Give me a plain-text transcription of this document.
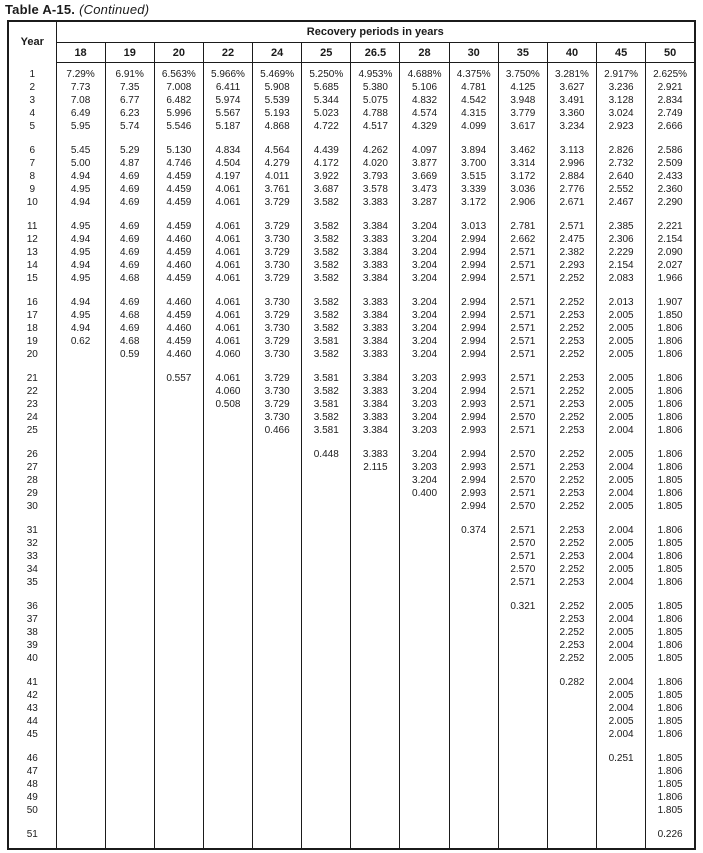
Table A-15. (Continued)
Year	Recovery periods in years												
	18	19	20	22	24	25	26.5	28	30	35	40	45	50

1	7.29%	6.91%	6.563%	5.966%	5.469%	5.250%	4.953%	4.688%	4.375%	3.750%	3.281%	2.917%	2.625%
2	7.73	7.35	7.008	6.411	5.908	5.685	5.380	5.106	4.781	4.125	3.627	3.236	2.921
3	7.08	6.77	6.482	5.974	5.539	5.344	5.075	4.832	4.542	3.948	3.491	3.128	2.834
4	6.49	6.23	5.996	5.567	5.193	5.023	4.788	4.574	4.315	3.779	3.360	3.024	2.749
5	5.95	5.74	5.546	5.187	4.868	4.722	4.517	4.329	4.099	3.617	3.234	2.923	2.666

6	5.45	5.29	5.130	4.834	4.564	4.439	4.262	4.097	3.894	3.462	3.113	2.826	2.586
7	5.00	4.87	4.746	4.504	4.279	4.172	4.020	3.877	3.700	3.314	2.996	2.732	2.509
8	4.94	4.69	4.459	4.197	4.011	3.922	3.793	3.669	3.515	3.172	2.884	2.640	2.433
9	4.95	4.69	4.459	4.061	3.761	3.687	3.578	3.473	3.339	3.036	2.776	2.552	2.360
10	4.94	4.69	4.459	4.061	3.729	3.582	3.383	3.287	3.172	2.906	2.671	2.467	2.290

11	4.95	4.69	4.459	4.061	3.729	3.582	3.384	3.204	3.013	2.781	2.571	2.385	2.221
12	4.94	4.69	4.460	4.061	3.730	3.582	3.383	3.204	2.994	2.662	2.475	2.306	2.154
13	4.95	4.69	4.459	4.061	3.729	3.582	3.384	3.204	2.994	2.571	2.382	2.229	2.090
14	4.94	4.69	4.460	4.061	3.730	3.582	3.383	3.204	2.994	2.571	2.293	2.154	2.027
15	4.95	4.68	4.459	4.061	3.729	3.582	3.384	3.204	2.994	2.571	2.252	2.083	1.966

16	4.94	4.69	4.460	4.061	3.730	3.582	3.383	3.204	2.994	2.571	2.252	2.013	1.907
17	4.95	4.68	4.459	4.061	3.729	3.582	3.384	3.204	2.994	2.571	2.253	2.005	1.850
18	4.94	4.69	4.460	4.061	3.730	3.582	3.383	3.204	2.994	2.571	2.252	2.005	1.806
19	0.62	4.68	4.459	4.061	3.729	3.581	3.384	3.204	2.994	2.571	2.253	2.005	1.806
20		0.59	4.460	4.060	3.730	3.582	3.383	3.204	2.994	2.571	2.252	2.005	1.806

21			0.557	4.061	3.729	3.581	3.384	3.203	2.993	2.571	2.253	2.005	1.806
22				4.060	3.730	3.582	3.383	3.204	2.994	2.571	2.252	2.005	1.806
23				0.508	3.729	3.581	3.384	3.203	2.993	2.571	2.253	2.005	1.806
24					3.730	3.582	3.383	3.204	2.994	2.570	2.252	2.005	1.806
25					0.466	3.581	3.384	3.203	2.993	2.571	2.253	2.004	1.806

26						0.448	3.383	3.204	2.994	2.570	2.252	2.005	1.806
27							2.115	3.203	2.993	2.571	2.253	2.004	1.806
28								3.204	2.994	2.570	2.252	2.005	1.805
29								0.400	2.993	2.571	2.253	2.004	1.806
30									2.994	2.570	2.252	2.005	1.805

31									0.374	2.571	2.253	2.004	1.806
32										2.570	2.252	2.005	1.805
33										2.571	2.253	2.004	1.806
34										2.570	2.252	2.005	1.805
35										2.571	2.253	2.004	1.806

36										0.321	2.252	2.005	1.805
37											2.253	2.004	1.806
38											2.252	2.005	1.805
39											2.253	2.004	1.806
40											2.252	2.005	1.805

41											0.282	2.004	1.806
42												2.005	1.805
43												2.004	1.806
44												2.005	1.805
45												2.004	1.806

46												0.251	1.805
47													1.806
48													1.805
49													1.806
50													1.805

51													0.226
